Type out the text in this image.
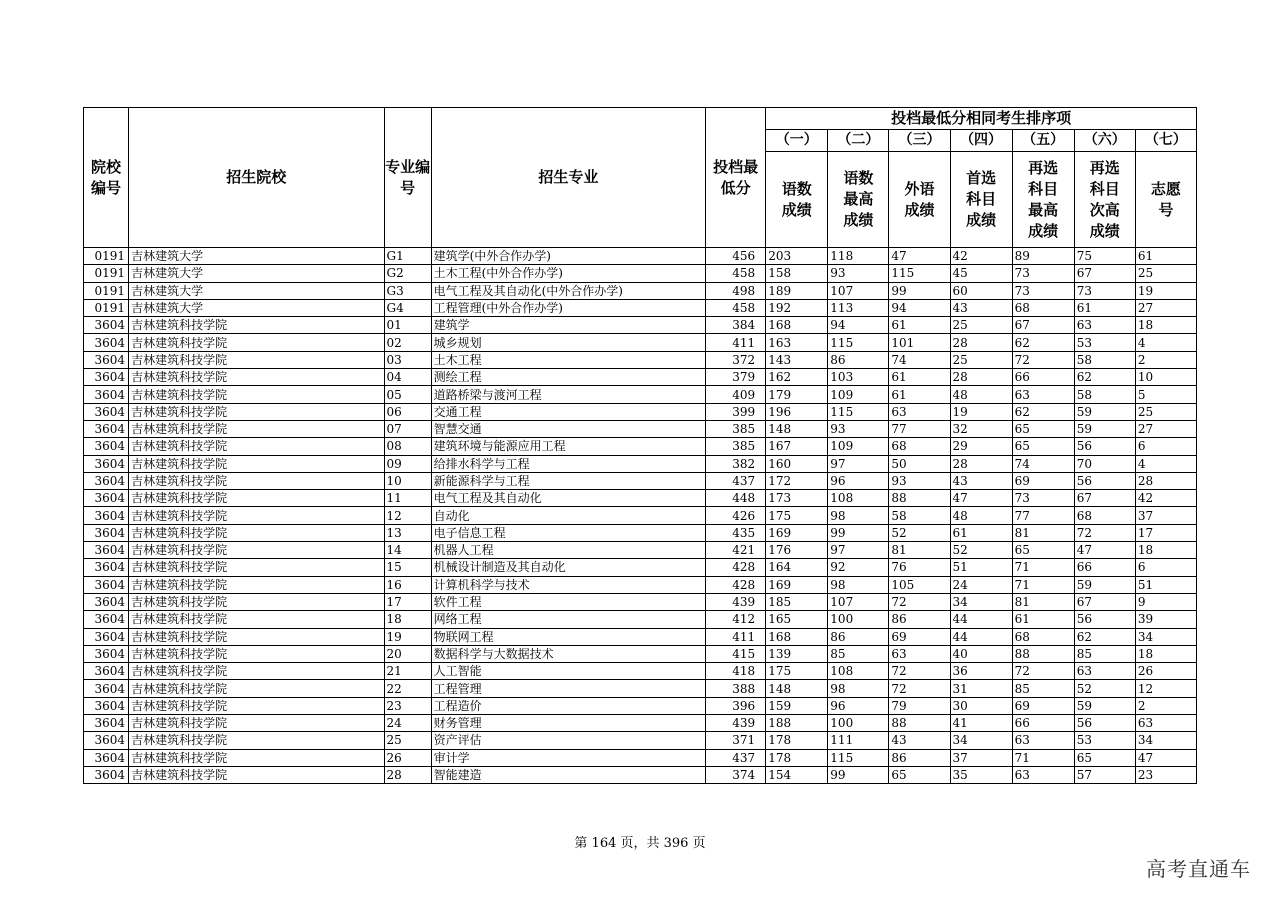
院校编号	招生院校	专业编号	招生专业	投档最低分	投档最低分相同考生排序项						
					（一）	（二）	（三）	（四）	（五）	（六）	（七）
					语数成绩	语数最高成绩	外语成绩	首选科目成绩	再选科目最高成绩	再选科目次高成绩	志愿号
0191	吉林建筑大学	G1	建筑学(中外合作办学)	456	203	118	47	42	89	75	61
0191	吉林建筑大学	G2	土木工程(中外合作办学)	458	158	93	115	45	73	67	25
0191	吉林建筑大学	G3	电气工程及其自动化(中外合作办学)	498	189	107	99	60	73	73	19
0191	吉林建筑大学	G4	工程管理(中外合作办学)	458	192	113	94	43	68	61	27
3604	吉林建筑科技学院	01	建筑学	384	168	94	61	25	67	63	18
3604	吉林建筑科技学院	02	城乡规划	411	163	115	101	28	62	53	4
3604	吉林建筑科技学院	03	土木工程	372	143	86	74	25	72	58	2
3604	吉林建筑科技学院	04	测绘工程	379	162	103	61	28	66	62	10
3604	吉林建筑科技学院	05	道路桥梁与渡河工程	409	179	109	61	48	63	58	5
3604	吉林建筑科技学院	06	交通工程	399	196	115	63	19	62	59	25
3604	吉林建筑科技学院	07	智慧交通	385	148	93	77	32	65	59	27
3604	吉林建筑科技学院	08	建筑环境与能源应用工程	385	167	109	68	29	65	56	6
3604	吉林建筑科技学院	09	给排水科学与工程	382	160	97	50	28	74	70	4
3604	吉林建筑科技学院	10	新能源科学与工程	437	172	96	93	43	69	56	28
3604	吉林建筑科技学院	11	电气工程及其自动化	448	173	108	88	47	73	67	42
3604	吉林建筑科技学院	12	自动化	426	175	98	58	48	77	68	37
3604	吉林建筑科技学院	13	电子信息工程	435	169	99	52	61	81	72	17
3604	吉林建筑科技学院	14	机器人工程	421	176	97	81	52	65	47	18
3604	吉林建筑科技学院	15	机械设计制造及其自动化	428	164	92	76	51	71	66	6
3604	吉林建筑科技学院	16	计算机科学与技术	428	169	98	105	24	71	59	51
3604	吉林建筑科技学院	17	软件工程	439	185	107	72	34	81	67	9
3604	吉林建筑科技学院	18	网络工程	412	165	100	86	44	61	56	39
3604	吉林建筑科技学院	19	物联网工程	411	168	86	69	44	68	62	34
3604	吉林建筑科技学院	20	数据科学与大数据技术	415	139	85	63	40	88	85	18
3604	吉林建筑科技学院	21	人工智能	418	175	108	72	36	72	63	26
3604	吉林建筑科技学院	22	工程管理	388	148	98	72	31	85	52	12
3604	吉林建筑科技学院	23	工程造价	396	159	96	79	30	69	59	2
3604	吉林建筑科技学院	24	财务管理	439	188	100	88	41	66	56	63
3604	吉林建筑科技学院	25	资产评估	371	178	111	43	34	63	53	34
3604	吉林建筑科技学院	26	审计学	437	178	115	86	37	71	65	47
3604	吉林建筑科技学院	28	智能建造	374	154	99	65	35	63	57	23
第 164 页，共 396 页
高考直通车
